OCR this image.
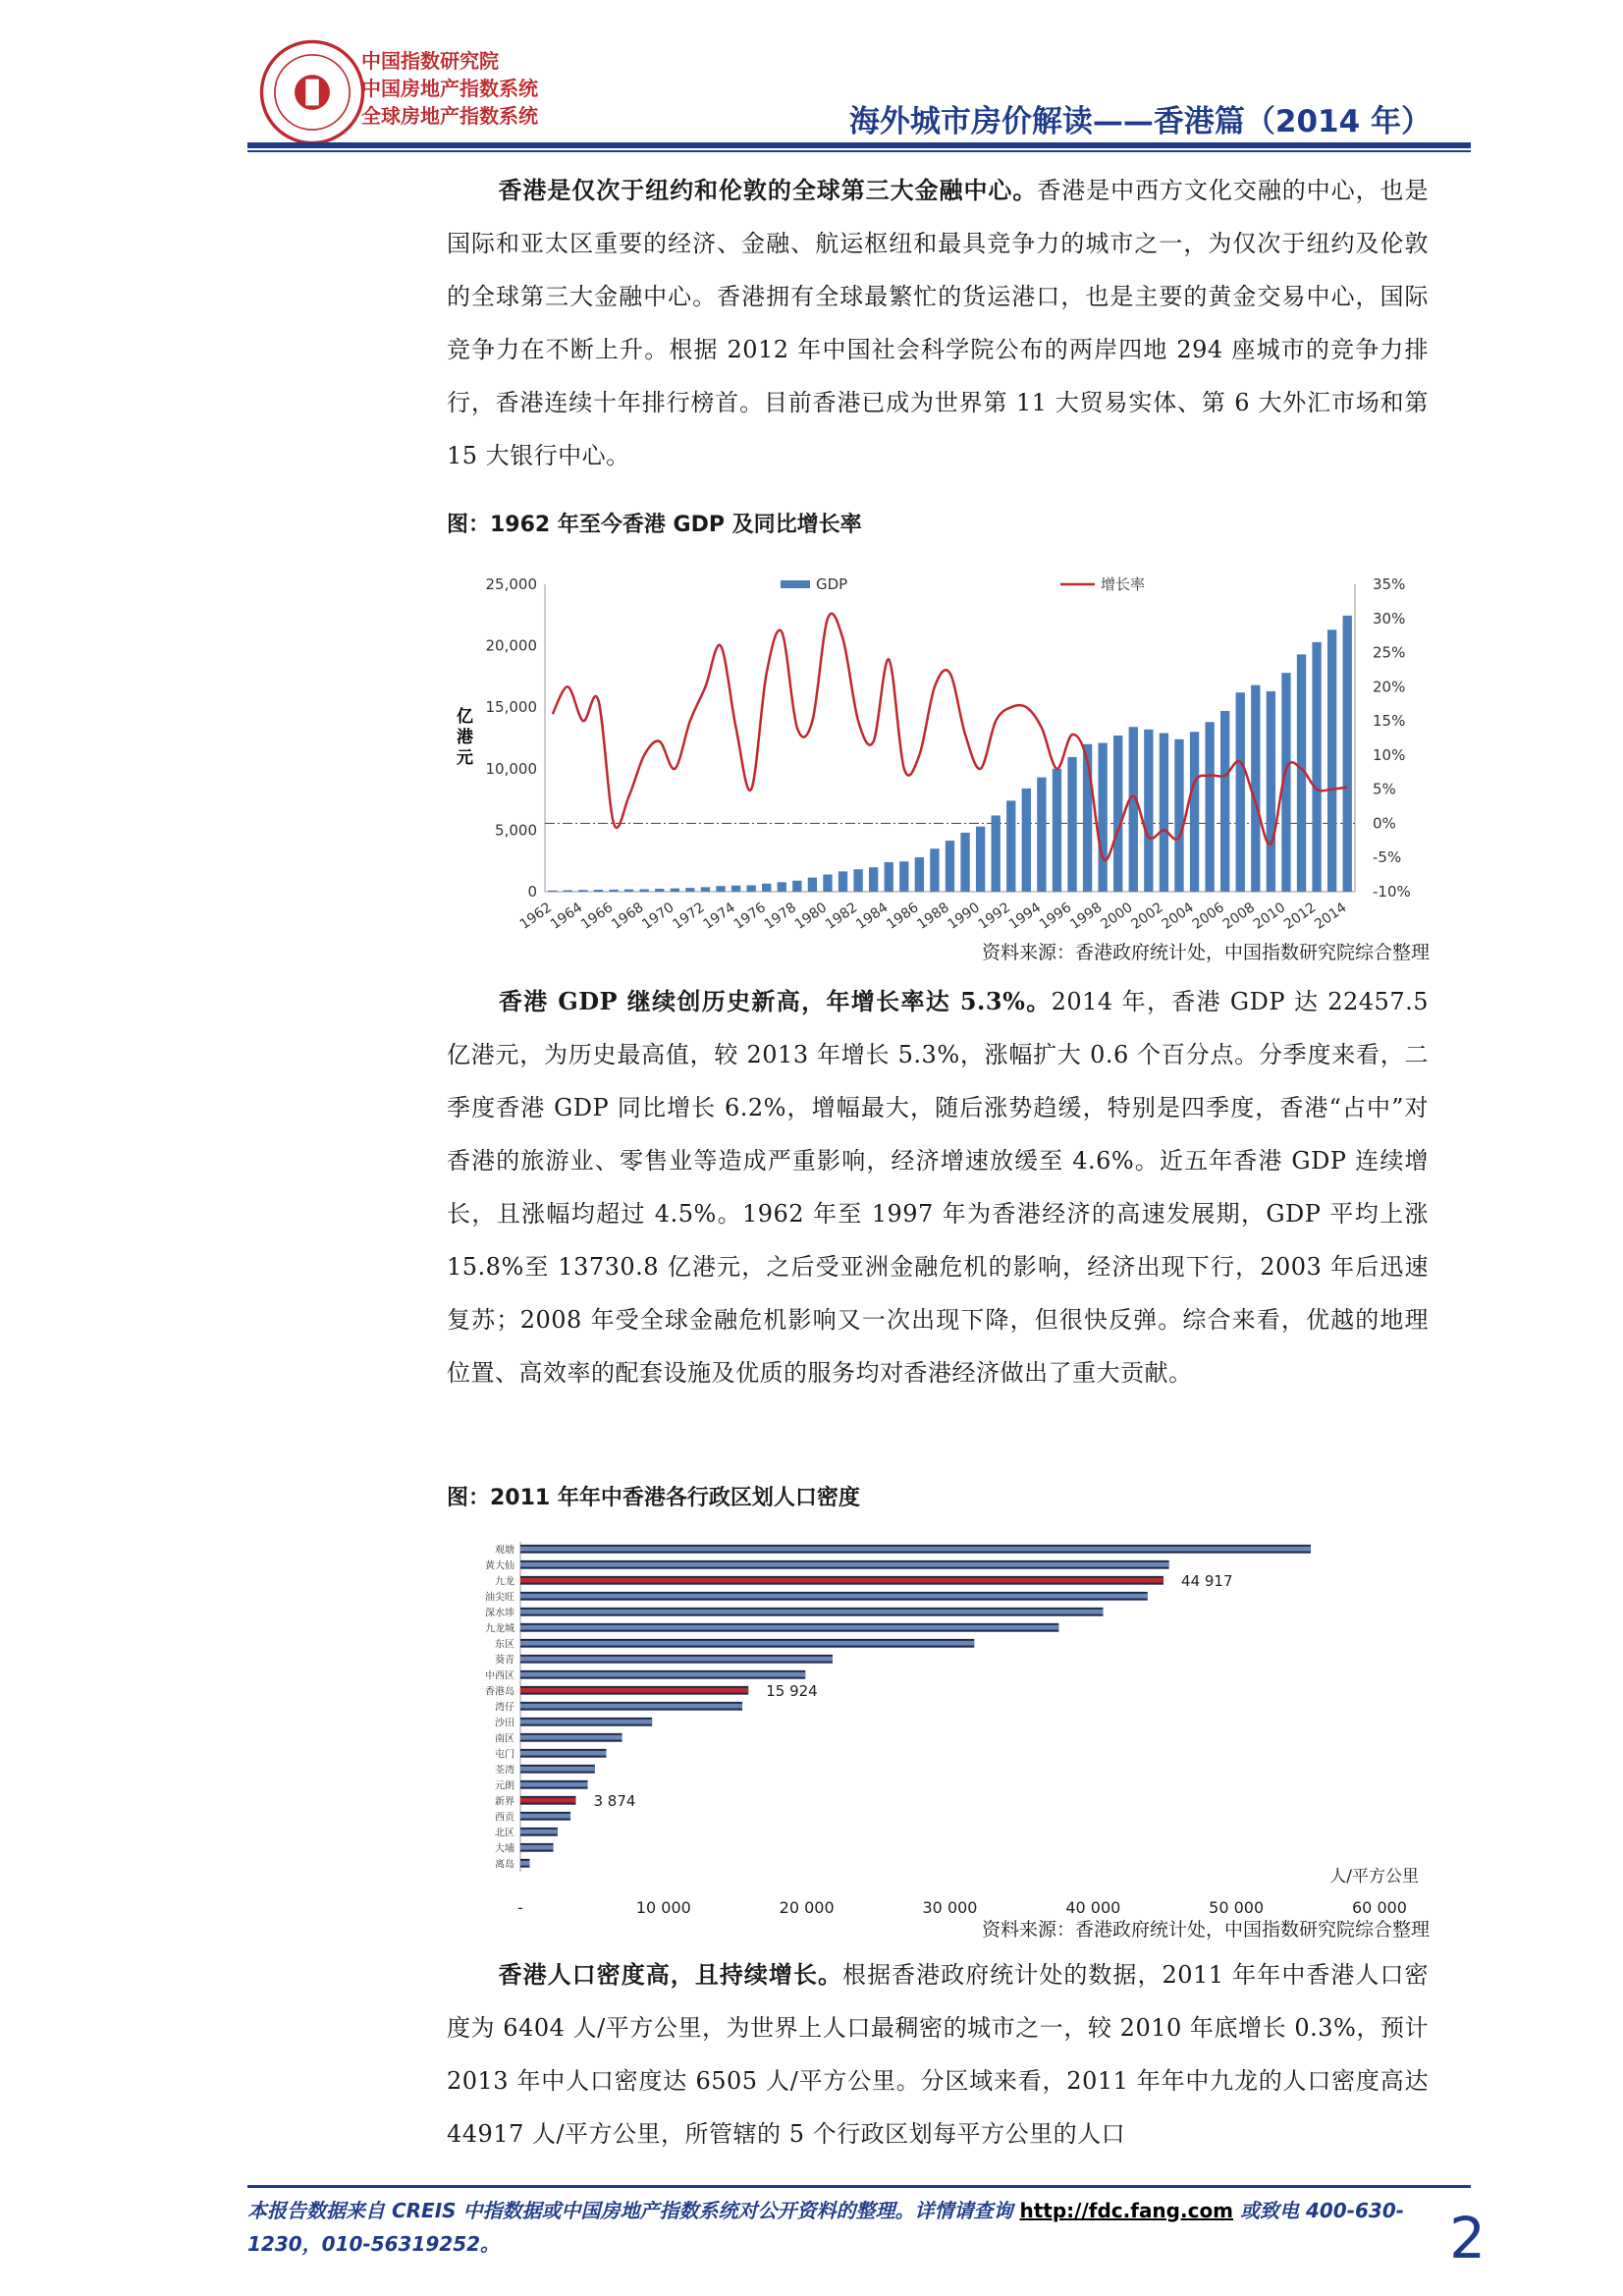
中国指数研究院
中国房地产指数系统
全球房地产指数系统	海外城市房价解读——香港篇（2014 年）
香港是仅次于纽约和伦敦的全球第三大金融中心。香港是中西方文化交融的中心，也是国际和亚太区重要的经济、金融、航运枢纽和最具竞争力的城市之一，为仅次于纽约及伦敦的全球第三大金融中心。香港拥有全球最繁忙的货运港口，也是主要的黄金交易中心，国际竞争力在不断上升。根据 2012 年中国社会科学院公布的两岸四地 294 座城市的竞争力排行，香港连续十年排行榜首。目前香港已成为世界第 11 大贸易实体、第 6 大外汇市场和第 15 大银行中心。
图：1962 年至今香港 GDP 及同比增长率
0
5,000
10,000
15,000
20,000
25,000
-10%
-5%
0%
5%
10%
15%
20%
25%
30%
35%
亿港元
1962
1964
1966
1968
1970
1972
1974
1976
1978
1980
1982
1984
1986
1988
1990
1992
1994
1996
1998
2000
2002
2004
2006
2008
2010
2012
2014
GDP	增长率
资料来源：香港政府统计处，中国指数研究院综合整理
香港 GDP 继续创历史新高，年增长率达 5.3%。2014 年，香港 GDP 达 22457.5 亿港元，为历史最高值，较 2013 年增长 5.3%，涨幅扩大 0.6 个百分点。分季度来看，二季度香港 GDP 同比增长 6.2%，增幅最大，随后涨势趋缓，特别是四季度，香港“占中”对香港的旅游业、零售业等造成严重影响，经济增速放缓至 4.6%。近五年香港 GDP 连续增长，且涨幅均超过 4.5%。1962 年至 1997 年为香港经济的高速发展期，GDP 平均上涨 15.8%至 13730.8 亿港元，之后受亚洲金融危机的影响，经济出现下行，2003 年后迅速复苏；2008 年受全球金融危机影响又一次出现下降，但很快反弹。综合来看，优越的地理位置、高效率的配套设施及优质的服务均对香港经济做出了重大贡献。
图：2011 年年中香港各行政区划人口密度
观塘
黄大仙
九龙	44 917
油尖旺
深水埗
九龙城
东区
葵青
中西区
香港岛	15 924
湾仔
沙田
南区
屯门
荃湾
元朗
新界	3 874
西贡
北区
大埔
离岛
-	10 000	20 000	30 000	40 000	50 000	60 000
人/平方公里
资料来源：香港政府统计处，中国指数研究院综合整理
香港人口密度高，且持续增长。根据香港政府统计处的数据，2011 年年中香港人口密度为 6404 人/平方公里，为世界上人口最稠密的城市之一，较 2010 年底增长 0.3%，预计 2013 年中人口密度达 6505 人/平方公里。分区域来看，2011 年年中九龙的人口密度高达 44917 人/平方公里，所管辖的 5 个行政区划每平方公里的人口
本报告数据来自 CREIS 中指数据或中国房地产指数系统对公开资料的整理。详情请查询 http://fdc.fang.com 或致电 400-630-1230，010-56319252。	2
